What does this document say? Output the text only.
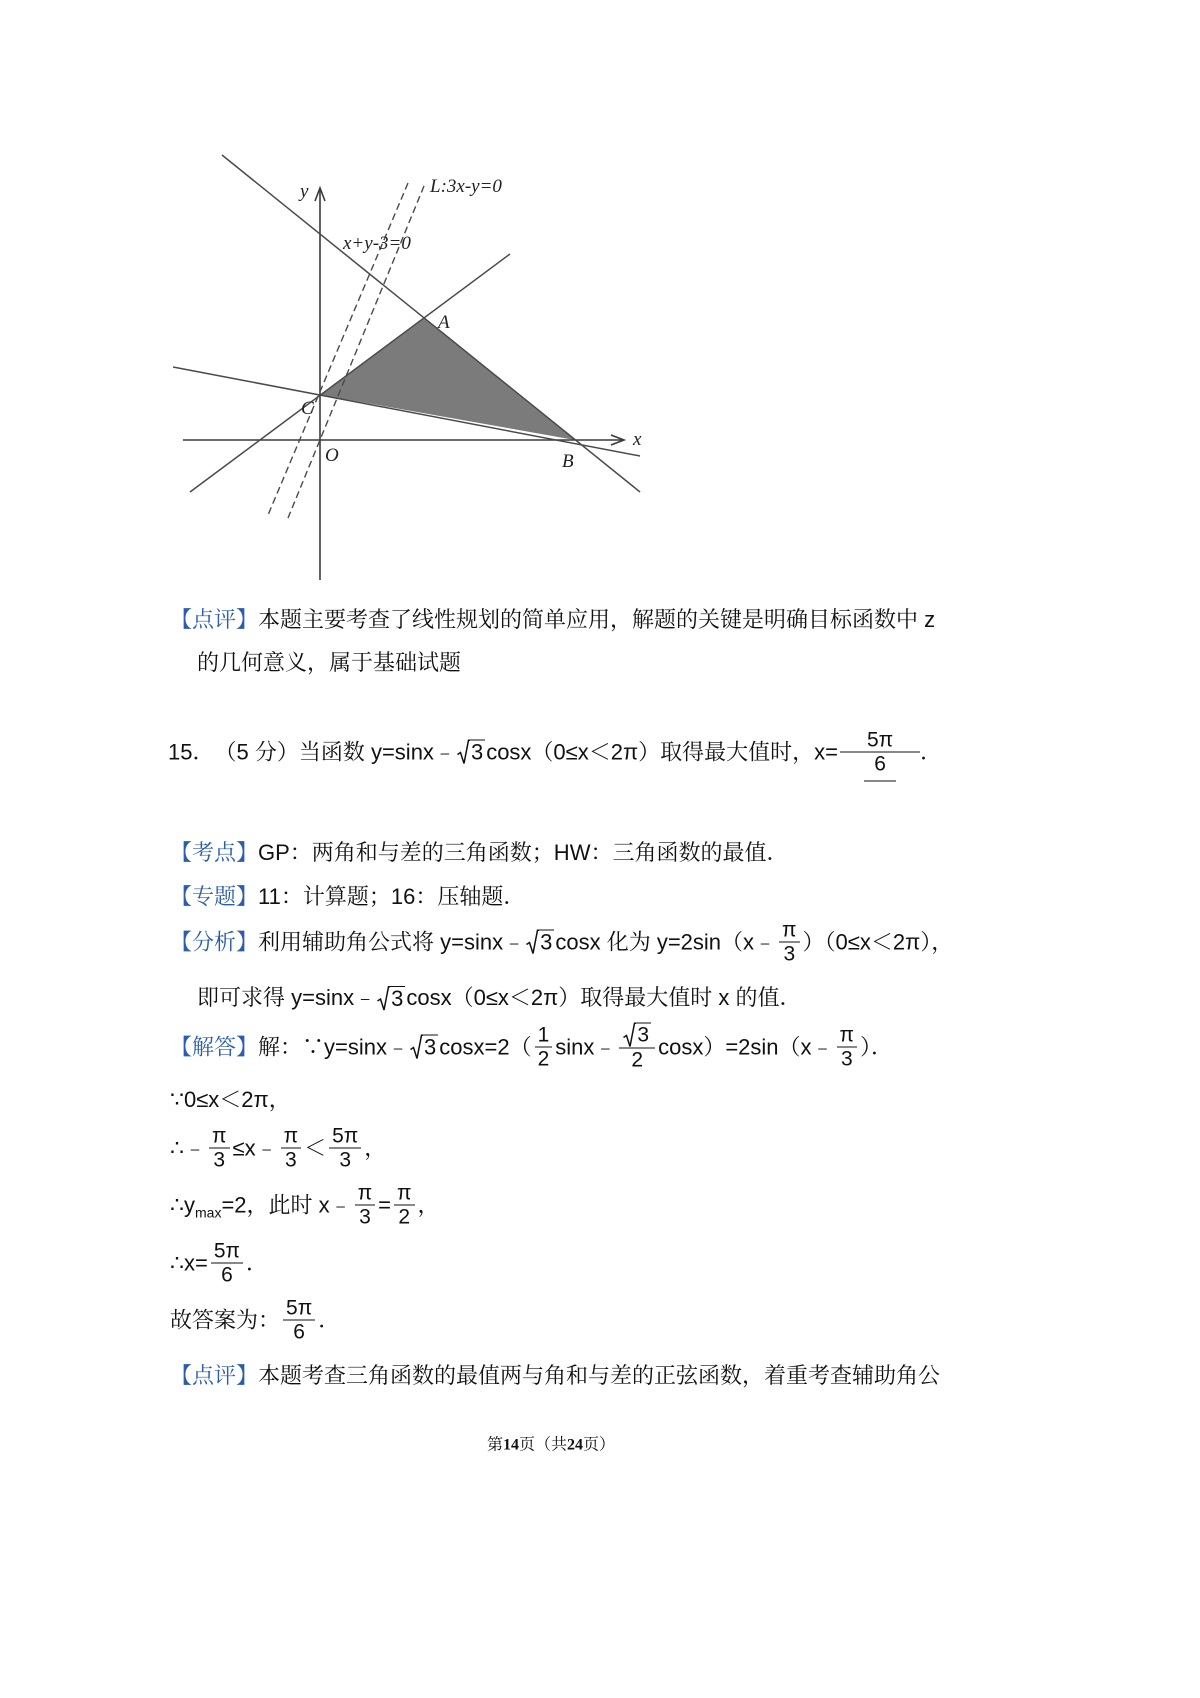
y	L:3x-y=0
x+y-3=0
A
C
O	B
x
【点评】 本题主要考查了线性规划的简单应用，解题的关键是明确目标函数中 z
的几何意义，属于基础试题
15． （5 分） 当函数 y=sinx﹣ 3 cosx（0≤x＜2π）取得最大值时，$x= \frac{5\pi}{6}$ ．
【考点】 GP：两角和与差的三角函数；HW：三角函数的最值．
【专题】 11：计算题；16：压轴题．
【分析】 利用辅助角公式将 y=sinx﹣ 3 cosx 化为 y=2sin（x﹣ $\frac{\pi}{3} )(0\le x<2\pi)$，
即可求得 y=sinx﹣ 3 cosx（0≤x＜2π）取得最大值时 x 的值．
【解答】 解：∵y=sinx﹣ 3 $\cos x=2( \frac{1}{2}$ sinx﹣ $\frac{3}{2}$ cosx）=2sin（x﹣ $\frac{\pi}{3}$ ）．
∵0≤x＜2π，
∴﹣ $\frac{\pi}{3}$ ≤x﹣ $\frac{\pi}{3} < \frac{5\pi}{3}$ ，
∴y max =2，此时 x﹣ $\frac{\pi}{3} = \frac{\pi}{2}$ ，
∴x= $\frac{5\pi}{6}$ ．
故答案为： $\frac{5\pi}{6}$ ．
【点评】 本题考查三角函数的最值两与角和与差的正弦函数，着重考查辅助角公
第14页（共24页）
